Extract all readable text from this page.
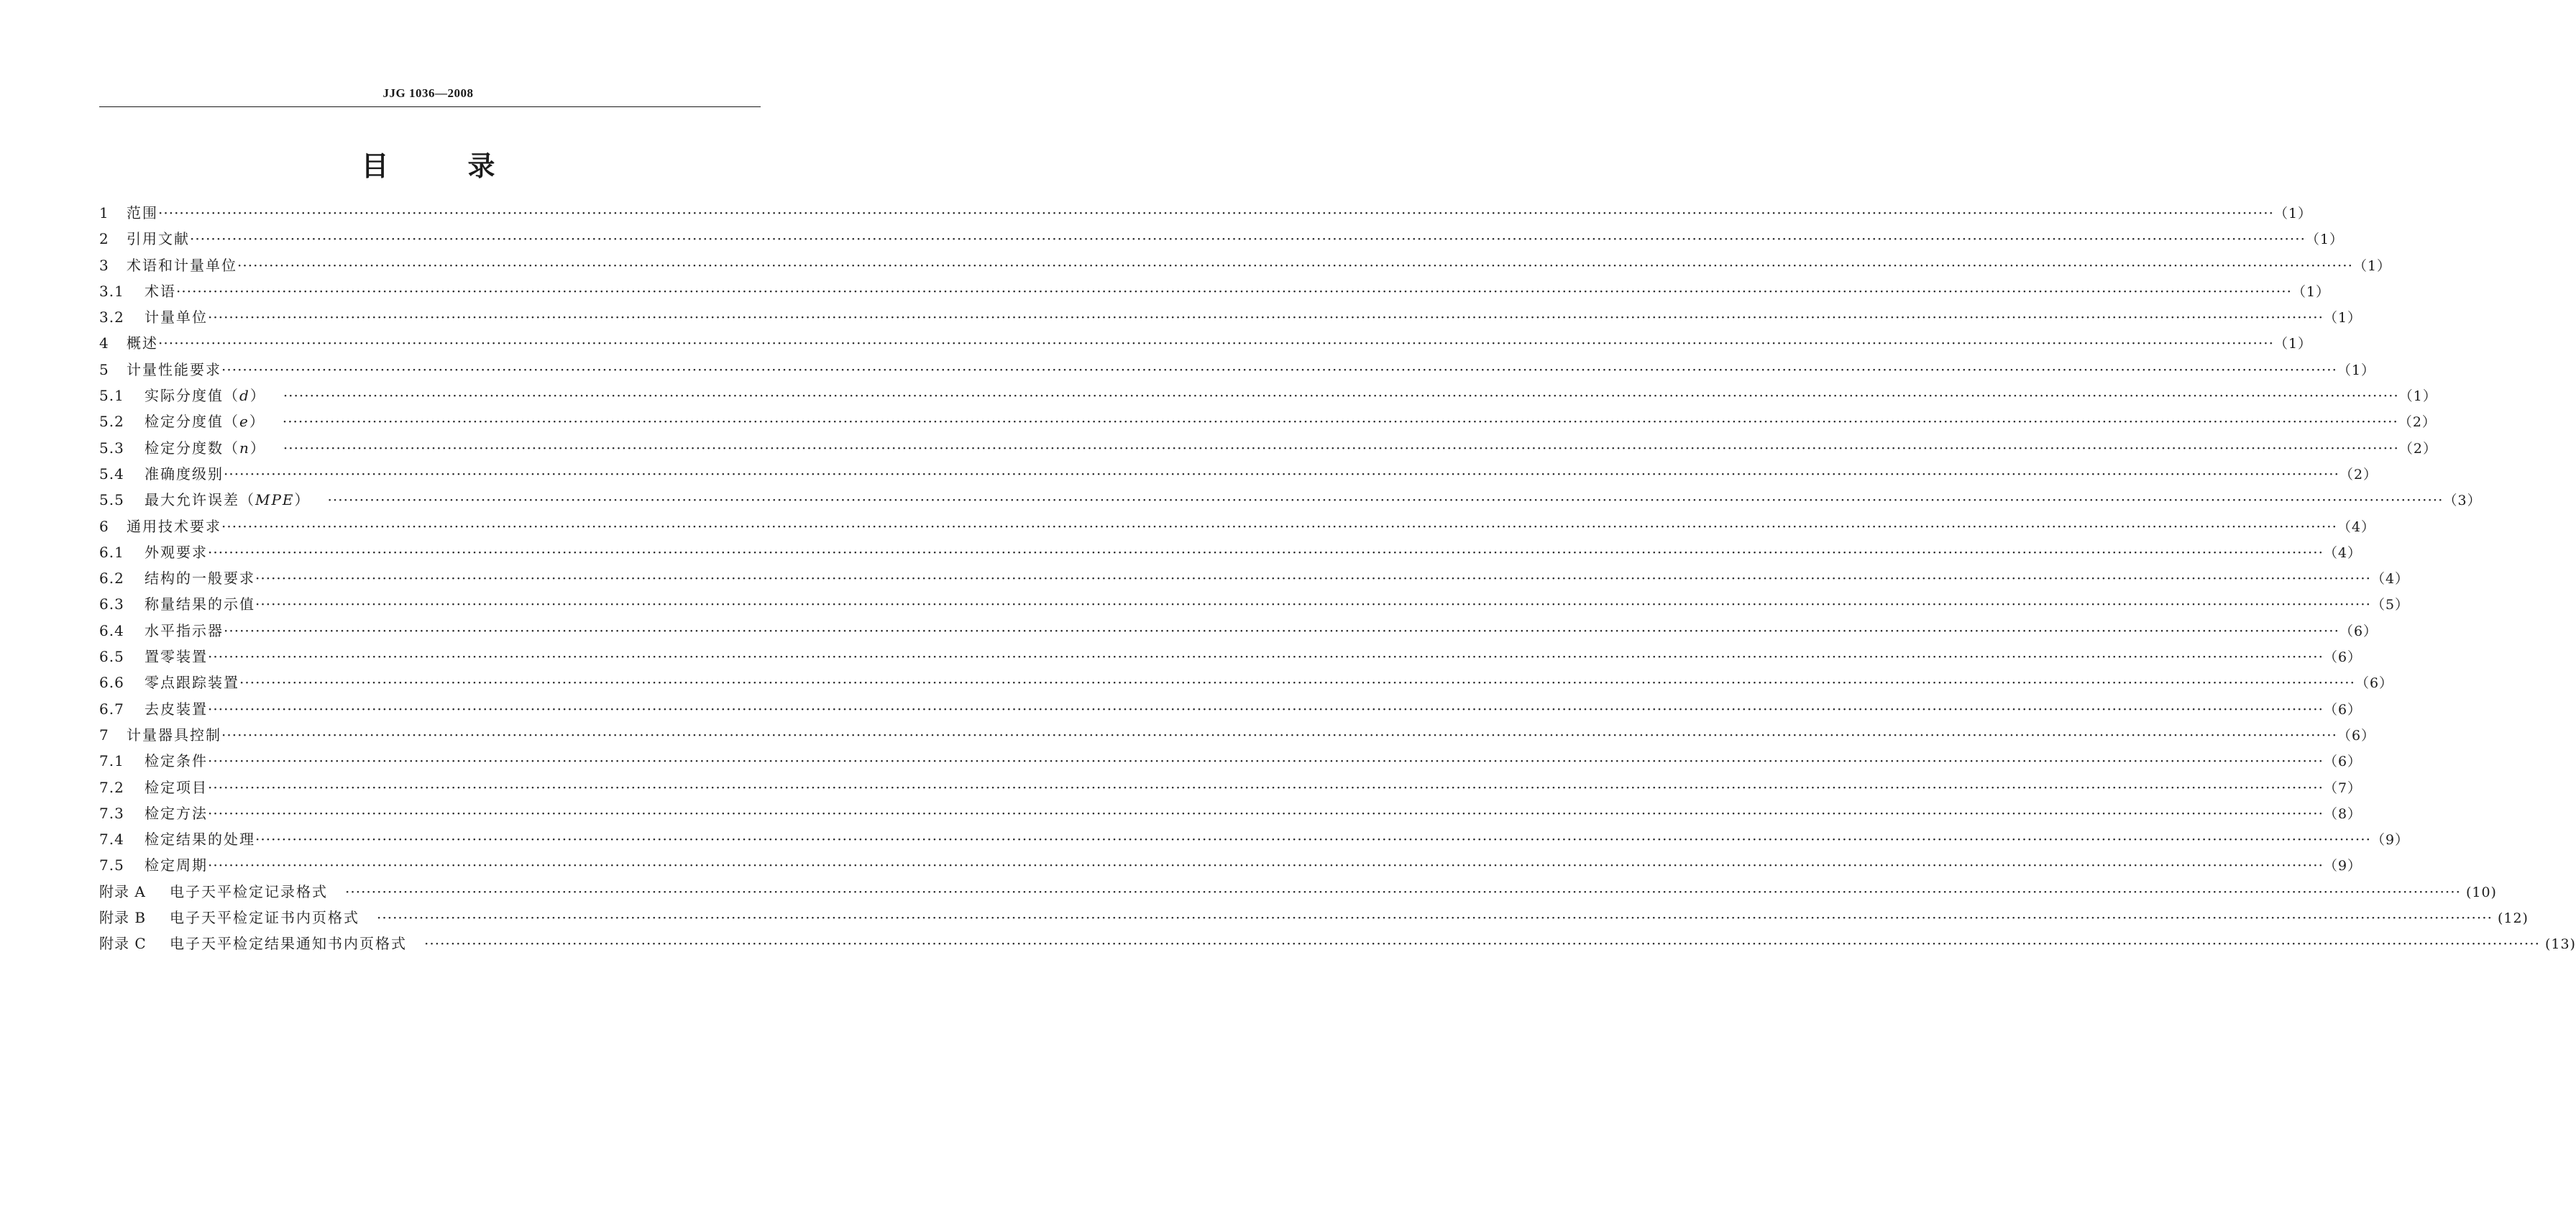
JJG 1036—2008
目	录
1	范围 ················································································································································································································································································································································································································ （1）
2	引用文献 ················································································································································································································································································································································································································ （1）
3	术语和计量单位 ················································································································································································································································································································································································································ （1）
3.1	术语 ················································································································································································································································································································································································································ （1）
3.2	计量单位 ················································································································································································································································································································································································································ （1）
4	概述 ················································································································································································································································································································································································································ （1）
5	计量性能要求 ················································································································································································································································································································································································································ （1）
5.1	实际分度值（d） ················································································································································································································································································································································································································ （1）
5.2	检定分度值（e） ················································································································································································································································································································································································································ （2）
5.3	检定分度数（n） ················································································································································································································································································································································································································ （2）
5.4	准确度级别 ················································································································································································································································································································································································································ （2）
5.5	最大允许误差（MPE） ················································································································································································································································································································································································································ （3）
6	通用技术要求 ················································································································································································································································································································································································································ （4）
6.1	外观要求 ················································································································································································································································································································································································································ （4）
6.2	结构的一般要求 ················································································································································································································································································································································································································ （4）
6.3	称量结果的示值 ················································································································································································································································································································································································································ （5）
6.4	水平指示器 ················································································································································································································································································································································································································ （6）
6.5	置零装置 ················································································································································································································································································································································································································ （6）
6.6	零点跟踪装置 ················································································································································································································································································································································································································ （6）
6.7	去皮装置 ················································································································································································································································································································································································································ （6）
7	计量器具控制 ················································································································································································································································································································································································································ （6）
7.1	检定条件 ················································································································································································································································································································································································································ （6）
7.2	检定项目 ················································································································································································································································································································································································································ （7）
7.3	检定方法 ················································································································································································································································································································································································································ （8）
7.4	检定结果的处理 ················································································································································································································································································································································································································ （9）
7.5	检定周期 ················································································································································································································································································································································································································ （9）
附录 A	电子天平检定记录格式 ················································································································································································································································································································································································································ (10)
附录 B	电子天平检定证书内页格式 ················································································································································································································································································································································································································ (12)
附录 C	电子天平检定结果通知书内页格式 ················································································································································································································································································································································································································ (13)
